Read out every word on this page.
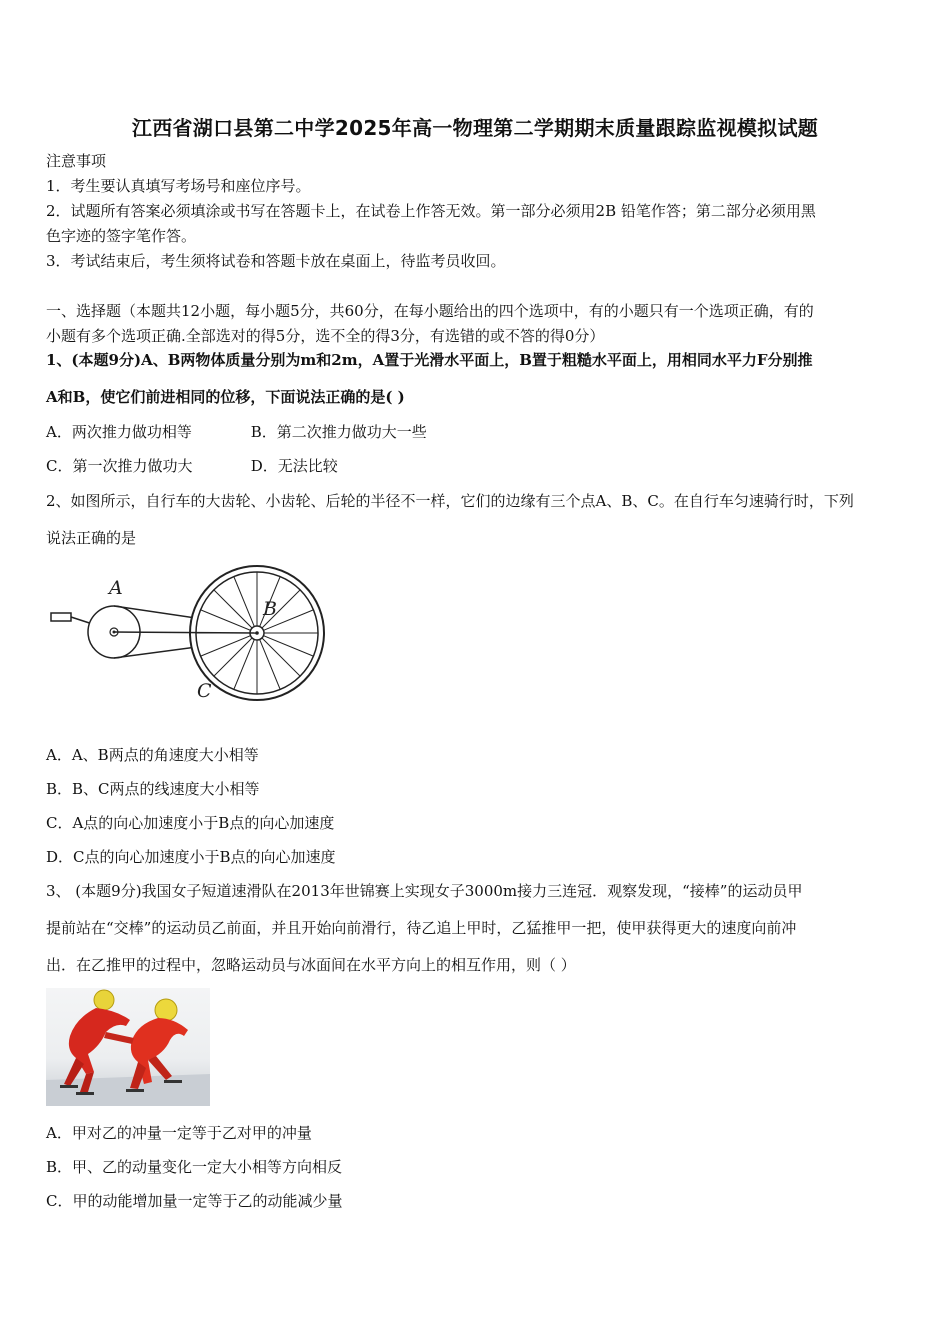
江西省湖口县第二中学2025年高一物理第二学期期末质量跟踪监视模拟试题
注意事项
1．考生要认真填写考场号和座位序号。
2．试题所有答案必须填涂或书写在答题卡上，在试卷上作答无效。第一部分必须用2B 铅笔作答；第二部分必须用黑
色字迹的签字笔作答。
3．考试结束后，考生须将试卷和答题卡放在桌面上，待监考员收回。
一、选择题（本题共12小题，每小题5分，共60分，在每小题给出的四个选项中，有的小题只有一个选项正确，有的
小题有多个选项正确.全部选对的得5分，选不全的得3分，有选错的或不答的得0分）
1、(本题9分)A、B两物体质量分别为m和2m，A置于光滑水平面上，B置于粗糙水平面上，用相同水平力F分别推
A和B，使它们前进相同的位移，下面说法正确的是( )
A．两次推力做功相等	B．第二次推力做功大一些
C．第一次推力做功大	D．无法比较
2、如图所示，自行车的大齿轮、小齿轮、后轮的半径不一样，它们的边缘有三个点A、B、C。在自行车匀速骑行时，下列
说法正确的是
A
B
C
A．A、B两点的角速度大小相等
B．B、C两点的线速度大小相等
C．A点的向心加速度小于B点的向心加速度
D．C点的向心加速度小于B点的向心加速度
3、 (本题9分)我国女子短道速滑队在2013年世锦赛上实现女子3000m接力三连冠．观察发现，“接棒”的运动员甲
提前站在“交棒”的运动员乙前面，并且开始向前滑行，待乙追上甲时，乙猛推甲一把，使甲获得更大的速度向前冲
出．在乙推甲的过程中，忽略运动员与冰面间在水平方向上的相互作用，则（ ）
A．甲对乙的冲量一定等于乙对甲的冲量
B．甲、乙的动量变化一定大小相等方向相反
C．甲的动能增加量一定等于乙的动能减少量
